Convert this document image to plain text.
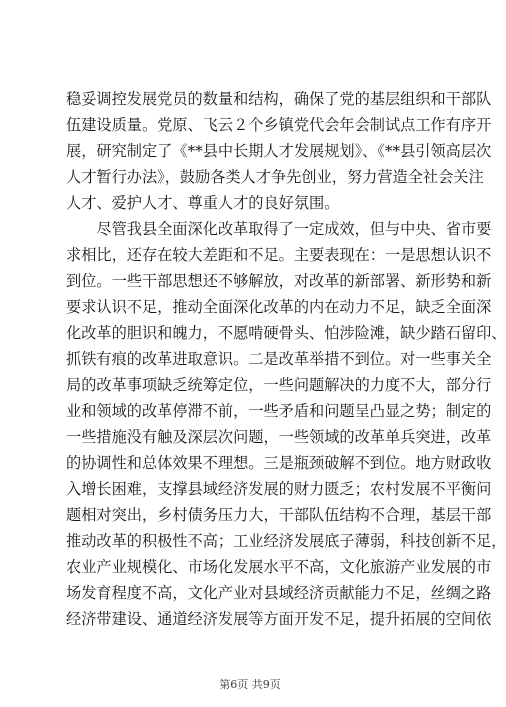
稳妥调控发展党员的数量和结构，确保了党的基层组织和干部队
伍建设质量。党原、飞云２个乡镇党代会年会制试点工作有序开
展，研究制定了《**县中长期人才发展规划》、《**县引领高层次
人才暂行办法》，鼓励各类人才争先创业，努力营造全社会关注
人才、爱护人才、尊重人才的良好氛围。
　　尽管我县全面深化改革取得了一定成效，但与中央、省市要
求相比，还存在较大差距和不足。主要表现在：一是思想认识不
到位。一些干部思想还不够解放，对改革的新部署、新形势和新
要求认识不足，推动全面深化改革的内在动力不足，缺乏全面深
化改革的胆识和魄力，不愿啃硬骨头、怕涉险滩，缺少踏石留印、
抓铁有痕的改革进取意识。二是改革举措不到位。对一些事关全
局的改革事项缺乏统筹定位，一些问题解决的力度不大，部分行
业和领域的改革停滞不前，一些矛盾和问题呈凸显之势；制定的
一些措施没有触及深层次问题，一些领域的改革单兵突进，改革
的协调性和总体效果不理想。三是瓶颈破解不到位。地方财政收
入增长困难，支撑县域经济发展的财力匮乏；农村发展不平衡问
题相对突出，乡村债务压力大，干部队伍结构不合理，基层干部
推动改革的积极性不高；工业经济发展底子薄弱，科技创新不足，
农业产业规模化、市场化发展水平不高，文化旅游产业发展的市
场发育程度不高，文化产业对县域经济贡献能力不足，丝绸之路
经济带建设、通道经济发展等方面开发不足，提升拓展的空间依
第6页 共9页
